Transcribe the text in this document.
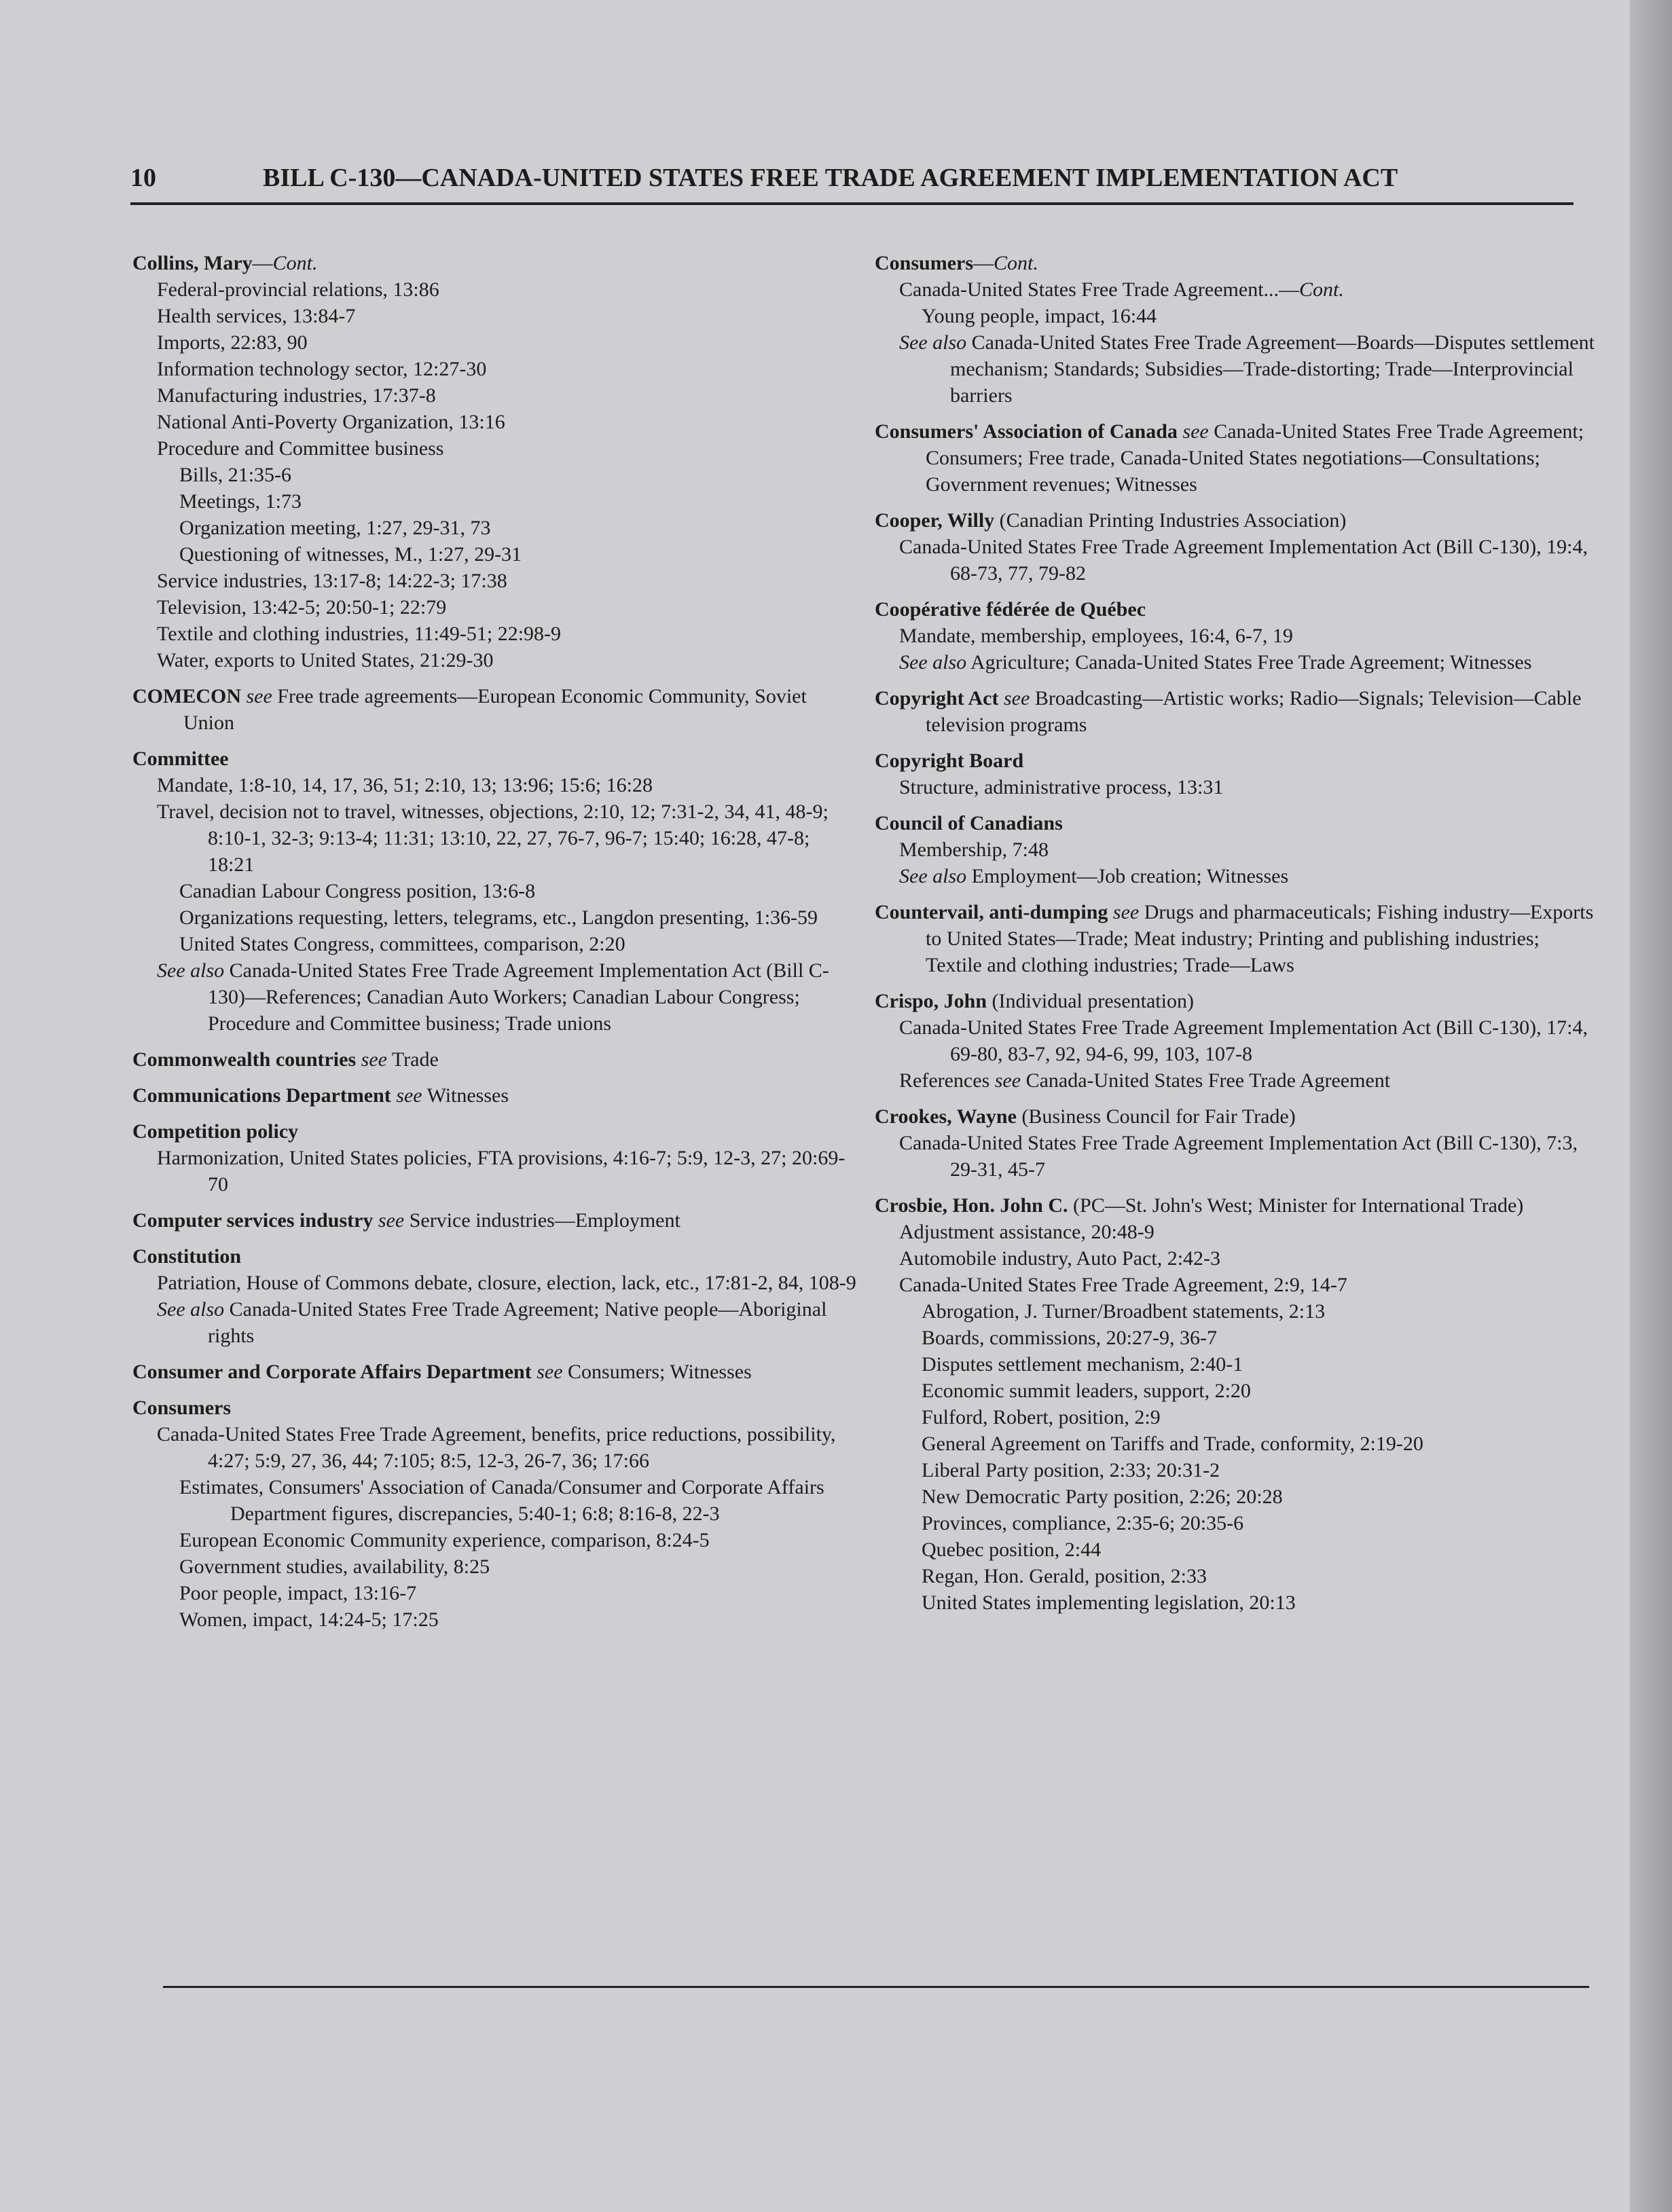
10	BILL C-130—CANADA-UNITED STATES FREE TRADE AGREEMENT IMPLEMENTATION ACT
Collins, Mary—Cont.
Federal-provincial relations, 13:86
Health services, 13:84-7
Imports, 22:83, 90
Information technology sector, 12:27-30
Manufacturing industries, 17:37-8
National Anti-Poverty Organization, 13:16
Procedure and Committee business
Bills, 21:35-6
Meetings, 1:73
Organization meeting, 1:27, 29-31, 73
Questioning of witnesses, M., 1:27, 29-31
Service industries, 13:17-8; 14:22-3; 17:38
Television, 13:42-5; 20:50-1; 22:79
Textile and clothing industries, 11:49-51; 22:98-9
Water, exports to United States, 21:29-30
COMECON see Free trade agreements—European Economic Community, Soviet Union
Committee
Mandate, 1:8-10, 14, 17, 36, 51; 2:10, 13; 13:96; 15:6; 16:28
Travel, decision not to travel, witnesses, objections, 2:10, 12; 7:31-2, 34, 41, 48-9; 8:10-1, 32-3; 9:13-4; 11:31; 13:10, 22, 27, 76-7, 96-7; 15:40; 16:28, 47-8; 18:21
Canadian Labour Congress position, 13:6-8
Organizations requesting, letters, telegrams, etc., Langdon presenting, 1:36-59
United States Congress, committees, comparison, 2:20
See also Canada-United States Free Trade Agreement Implementation Act (Bill C-130)—References; Canadian Auto Workers; Canadian Labour Congress; Procedure and Committee business; Trade unions
Commonwealth countries see Trade
Communications Department see Witnesses
Competition policy
Harmonization, United States policies, FTA provisions, 4:16-7; 5:9, 12-3, 27; 20:69-70
Computer services industry see Service industries—Employment
Constitution
Patriation, House of Commons debate, closure, election, lack, etc., 17:81-2, 84, 108-9
See also Canada-United States Free Trade Agreement; Native people—Aboriginal rights
Consumer and Corporate Affairs Department see Consumers; Witnesses
Consumers
Canada-United States Free Trade Agreement, benefits, price reductions, possibility, 4:27; 5:9, 27, 36, 44; 7:105; 8:5, 12-3, 26-7, 36; 17:66
Estimates, Consumers' Association of Canada/Consumer and Corporate Affairs Department figures, discrepancies, 5:40-1; 6:8; 8:16-8, 22-3
European Economic Community experience, comparison, 8:24-5
Government studies, availability, 8:25
Poor people, impact, 13:16-7
Women, impact, 14:24-5; 17:25
Consumers—Cont.
Canada-United States Free Trade Agreement...—Cont.
Young people, impact, 16:44
See also Canada-United States Free Trade Agreement—Boards—Disputes settlement mechanism; Standards; Subsidies—Trade-distorting; Trade—Interprovincial barriers
Consumers' Association of Canada see Canada-United States Free Trade Agreement; Consumers; Free trade, Canada-United States negotiations—Consultations; Government revenues; Witnesses
Cooper, Willy (Canadian Printing Industries Association)
Canada-United States Free Trade Agreement Implementation Act (Bill C-130), 19:4, 68-73, 77, 79-82
Coopérative fédérée de Québec
Mandate, membership, employees, 16:4, 6-7, 19
See also Agriculture; Canada-United States Free Trade Agreement; Witnesses
Copyright Act see Broadcasting—Artistic works; Radio—Signals; Television—Cable television programs
Copyright Board
Structure, administrative process, 13:31
Council of Canadians
Membership, 7:48
See also Employment—Job creation; Witnesses
Countervail, anti-dumping see Drugs and pharmaceuticals; Fishing industry—Exports to United States—Trade; Meat industry; Printing and publishing industries; Textile and clothing industries; Trade—Laws
Crispo, John (Individual presentation)
Canada-United States Free Trade Agreement Implementation Act (Bill C-130), 17:4, 69-80, 83-7, 92, 94-6, 99, 103, 107-8
References see Canada-United States Free Trade Agreement
Crookes, Wayne (Business Council for Fair Trade)
Canada-United States Free Trade Agreement Implementation Act (Bill C-130), 7:3, 29-31, 45-7
Crosbie, Hon. John C. (PC—St. John's West; Minister for International Trade)
Adjustment assistance, 20:48-9
Automobile industry, Auto Pact, 2:42-3
Canada-United States Free Trade Agreement, 2:9, 14-7
Abrogation, J. Turner/Broadbent statements, 2:13
Boards, commissions, 20:27-9, 36-7
Disputes settlement mechanism, 2:40-1
Economic summit leaders, support, 2:20
Fulford, Robert, position, 2:9
General Agreement on Tariffs and Trade, conformity, 2:19-20
Liberal Party position, 2:33; 20:31-2
New Democratic Party position, 2:26; 20:28
Provinces, compliance, 2:35-6; 20:35-6
Quebec position, 2:44
Regan, Hon. Gerald, position, 2:33
United States implementing legislation, 20:13
